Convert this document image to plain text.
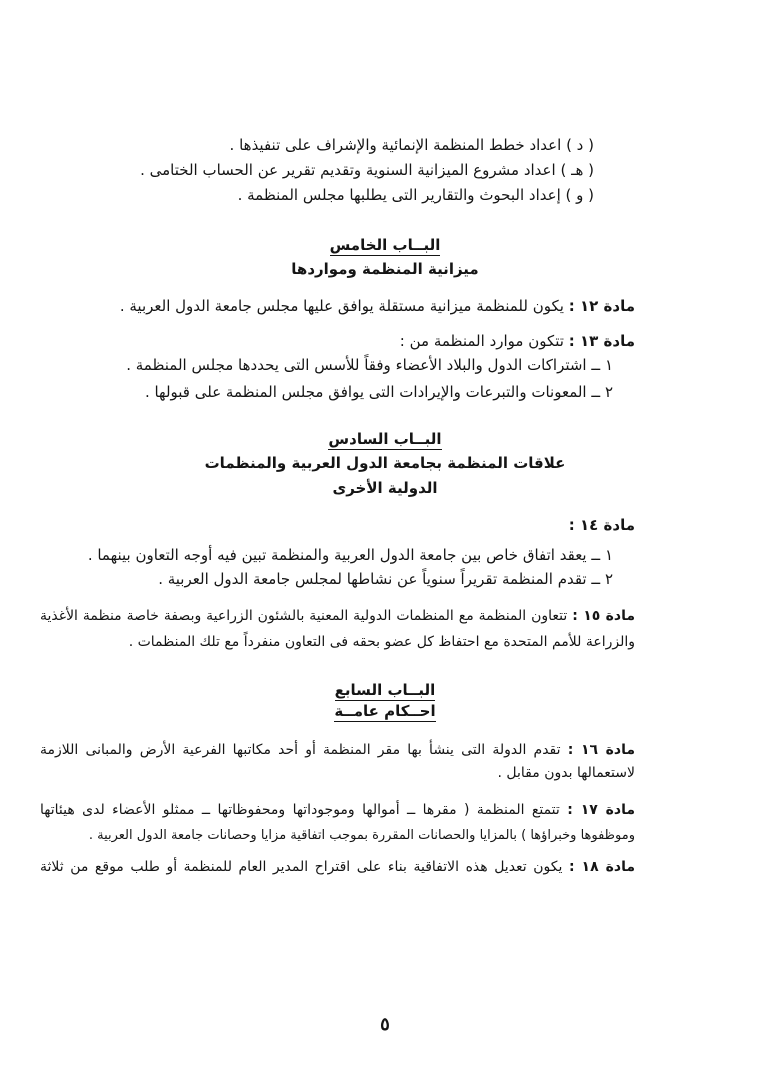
( د ) اعداد خطط المنظمة الإنمائية والإشراف على تنفيذها .
( هـ ) اعداد مشروع الميزانية السنوية وتقديم تقرير عن الحساب الختامى .
( و ) إعداد البحوث والتقارير التى يطلبها مجلس المنظمة .
البــاب الخامس
ميزانية المنظمة ومواردها
مادة ١٢ : يكون للمنظمة ميزانية مستقلة يوافق عليها مجلس جامعة الدول العربية .
مادة ١٣ : تتكون موارد المنظمة من :
١ ــ اشتراكات الدول والبلاد الأعضاء وفقاً للأسس التى يحددها مجلس المنظمة .
٢ ــ المعونات والتبرعات والإيرادات التى يوافق مجلس المنظمة على قبولها .
البــاب السادس
علاقات المنظمة بجامعة الدول العربية والمنظمات
الدولية الأخرى
مادة ١٤ :
١ ــ يعقد اتفاق خاص بين جامعة الدول العربية والمنظمة تبين فيه أوجه التعاون بينهما .
٢ ــ تقدم المنظمة تقريراً سنوياً عن نشاطها لمجلس جامعة الدول العربية .
مادة ١٥ : تتعاون المنظمة مع المنظمات الدولية المعنية بالشئون الزراعية وبصفة خاصة منظمة الأغذية
والزراعة للأمم المتحدة مع احتفاظ كل عضو بحقه فى التعاون منفرداً مع تلك المنظمات .
البــاب السابع
احــكام عامــة
مادة ١٦ : تقدم الدولة التى ينشأ بها مقر المنظمة أو أحد مكاتبها الفرعية الأرض والمبانى اللازمة
لاستعمالها بدون مقابل .
مادة ١٧ : تتمتع المنظمة ( مقرها ــ أموالها وموجوداتها ومحفوظاتها ــ ممثلو الأعضاء لدى هيئاتها
وموظفوها وخبراؤها ) بالمزايا والحصانات المقررة بموجب اتفاقية مزايا وحصانات جامعة الدول العربية .
مادة ١٨ : يكون تعديل هذه الاتفاقية بناء على اقتراح المدير العام للمنظمة أو طلب موقع من ثلاثة
٥
